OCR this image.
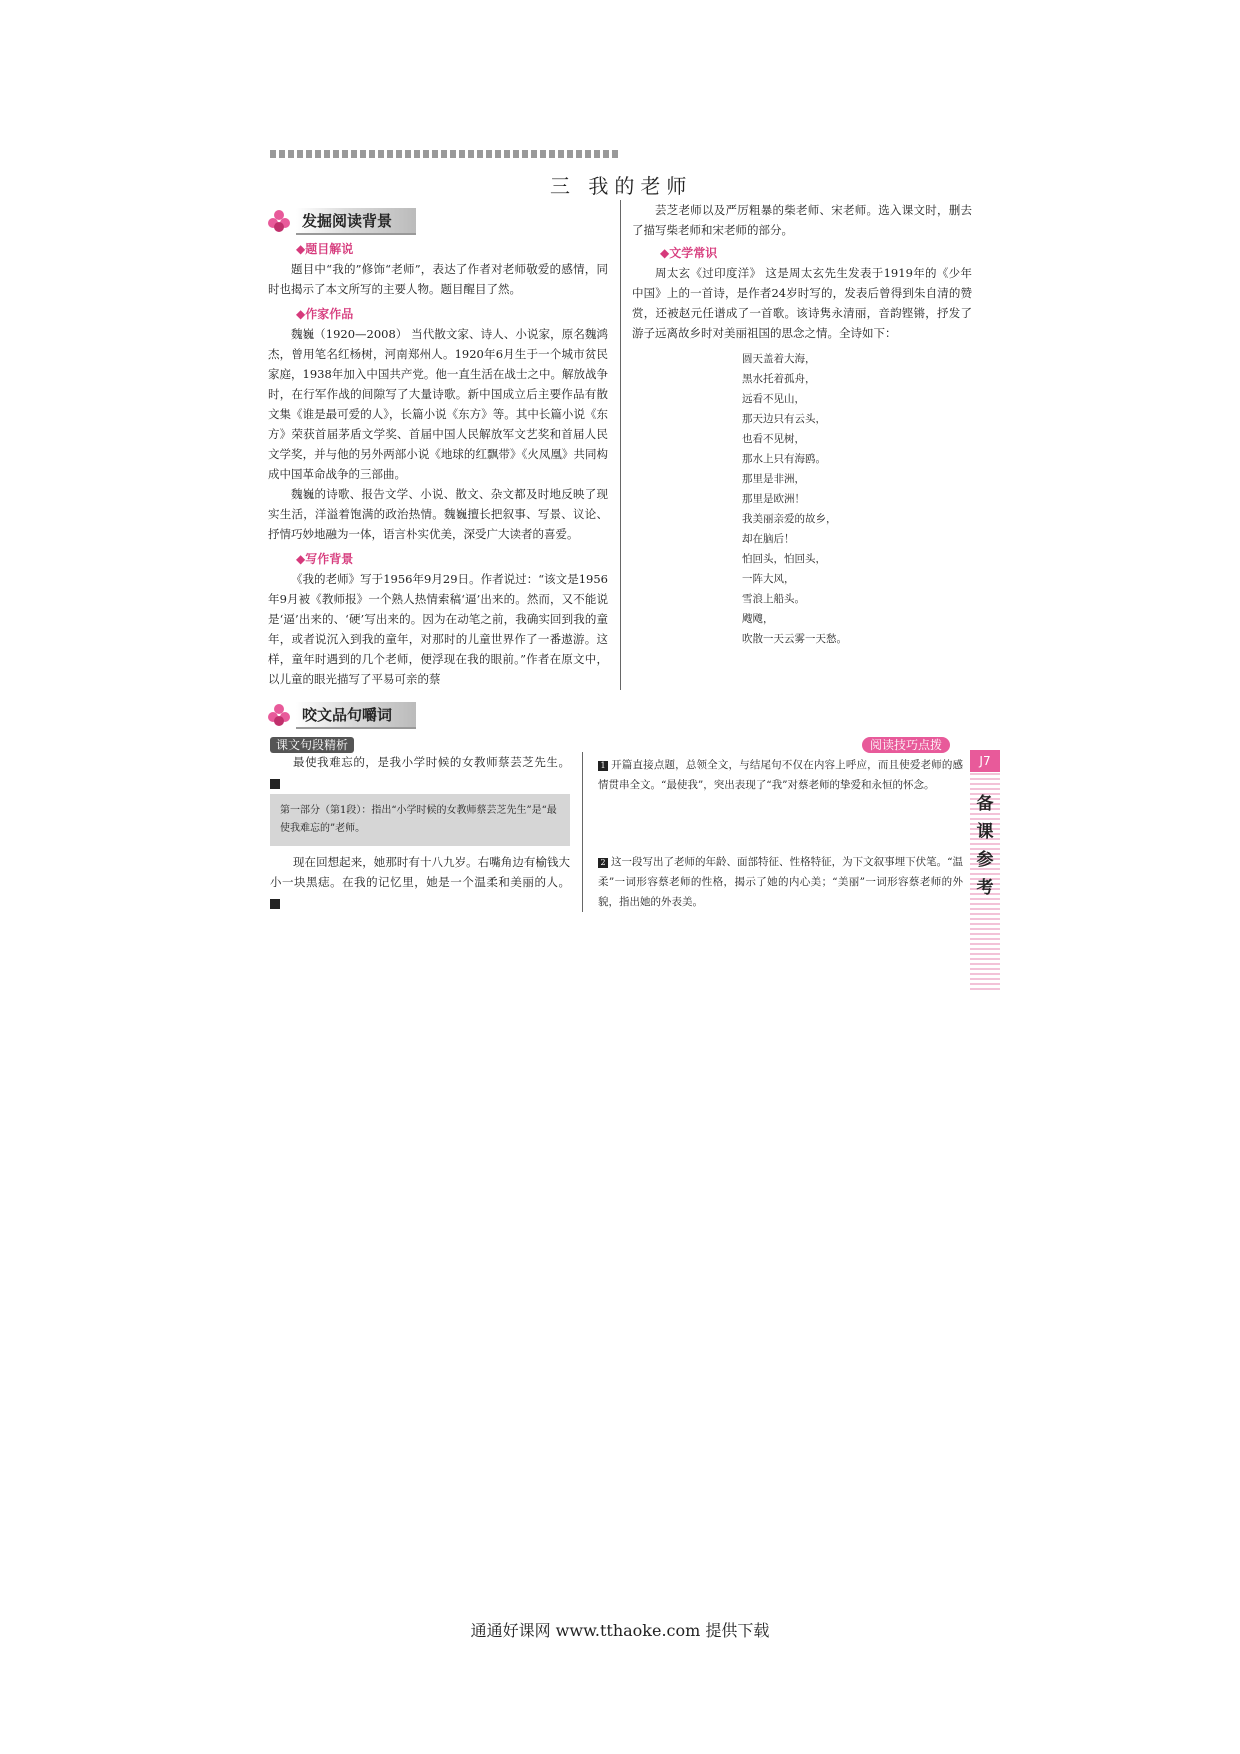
三 我的老师
发掘阅读背景
◆题目解说

题目中“我的”修饰“老师”，表达了作者对老师敬爱的感情，同时也揭示了本文所写的主要人物。题目醒目了然。

◆作家作品

魏巍（1920—2008） 当代散文家、诗人、小说家，原名魏鸿杰，曾用笔名红杨树，河南郑州人。1920年6月生于一个城市贫民家庭，1938年加入中国共产党。他一直生活在战士之中。解放战争时，在行军作战的间隙写了大量诗歌。新中国成立后主要作品有散文集《谁是最可爱的人》，长篇小说《东方》等。其中长篇小说《东方》荣获首届茅盾文学奖、首届中国人民解放军文艺奖和首届人民文学奖，并与他的另外两部小说《地球的红飘带》《火凤凰》共同构成中国革命战争的三部曲。

魏巍的诗歌、报告文学、小说、散文、杂文都及时地反映了现实生活，洋溢着饱满的政治热情。魏巍擅长把叙事、写景、议论、抒情巧妙地融为一体，语言朴实优美，深受广大读者的喜爱。

◆写作背景

《我的老师》写于1956年9月29日。作者说过：“该文是1956年9月被《教师报》一个熟人热情索稿‘逼’出来的。然而，又不能说是‘逼’出来的、‘硬’写出来的。因为在动笔之前，我确实回到我的童年，或者说沉入到我的童年，对那时的儿童世界作了一番遨游。这样，童年时遇到的几个老师，便浮现在我的眼前。”作者在原文中，以儿童的眼光描写了平易可亲的蔡

芸芝老师以及严厉粗暴的柴老师、宋老师。选入课文时，删去了描写柴老师和宋老师的部分。

◆文学常识

周太玄《过印度洋》 这是周太玄先生发表于1919年的《少年中国》上的一首诗，是作者24岁时写的，发表后曾得到朱自清的赞赏，还被赵元任谱成了一首歌。该诗隽永清丽，音韵铿锵，抒发了游子远离故乡时对美丽祖国的思念之情。全诗如下：

圆天盖着大海，
黑水托着孤舟，
远看不见山，
那天边只有云头，
也看不见树，
那水上只有海鸥。
那里是非洲，
那里是欧洲！
我美丽亲爱的故乡，
却在脑后！
怕回头，怕回头，
一阵大风，
雪浪上船头。
飕飕，
吹散一天云雾一天愁。
咬文品句嚼词
课文句段精析	阅读技巧点拨

最使我难忘的，是我小学时候的女教师蔡芸芝先生。1

第一部分（第1段）：指出“小学时候的女教师蔡芸芝先生”是“最使我难忘的”老师。

现在回想起来，她那时有十八九岁。右嘴角边有榆钱大小一块黑痣。在我的记忆里，她是一个温柔和美丽的人。2

1 开篇直接点题，总领全文，与结尾句不仅在内容上呼应，而且使爱老师的感情贯串全文。“最使我”，突出表现了“我”对蔡老师的挚爱和永恒的怀念。
2 这一段写出了老师的年龄、面部特征、性格特征，为下文叙事埋下伏笔。“温柔”一词形容蔡老师的性格，揭示了她的内心美；“美丽”一词形容蔡老师的外貌，指出她的外表美。
J7
备
课
参
考
通通好课网 www.tthaoke.com 提供下载
